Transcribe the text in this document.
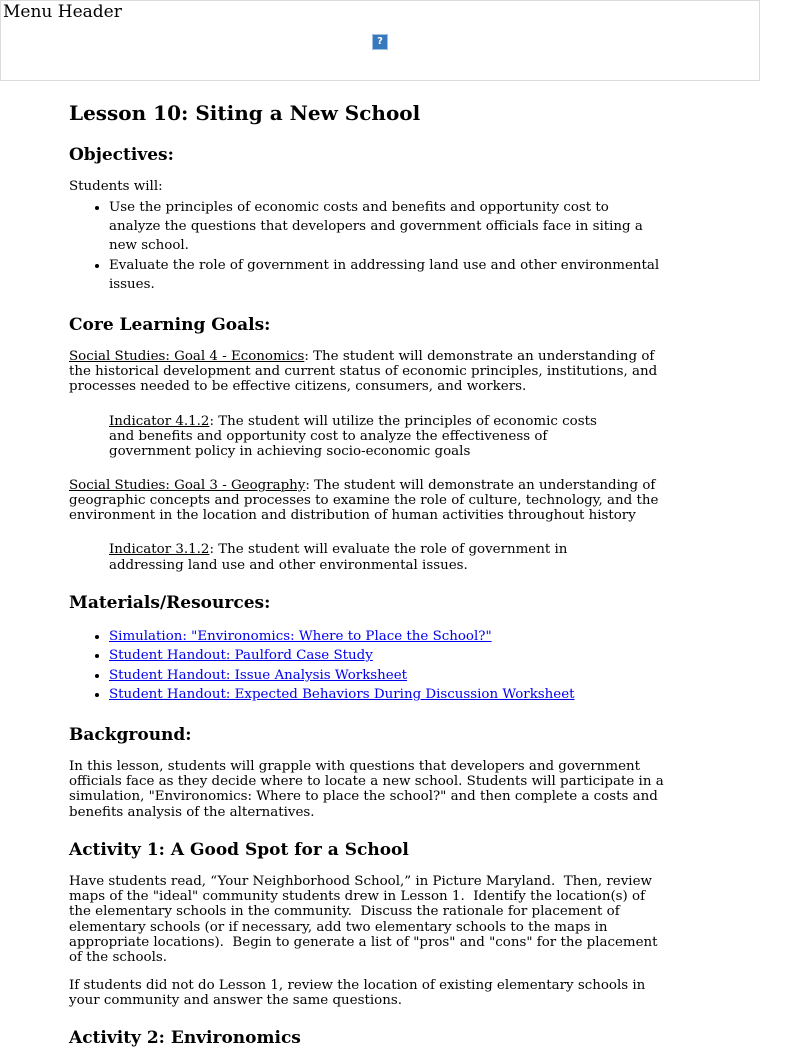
Menu Header
?
Lesson 10: Siting a New School
Objectives:

Students will:

• Use the principles of economic costs and benefits and opportunity cost to analyze the questions that developers and government officials face in siting a new school.
• Evaluate the role of government in addressing land use and other environmental issues.
Core Learning Goals:

Social Studies: Goal 4 - Economics: The student will demonstrate an understanding of the historical development and current status of economic principles, institutions, and processes needed to be effective citizens, consumers, and workers.

Indicator 4.1.2: The student will utilize the principles of economic costs and benefits and opportunity cost to analyze the effectiveness of government policy in achieving socio-economic goals

Social Studies: Goal 3 - Geography: The student will demonstrate an understanding of geographic concepts and processes to examine the role of culture, technology, and the environment in the location and distribution of human activities throughout history

Indicator 3.1.2: The student will evaluate the role of government in addressing land use and other environmental issues.

Materials/Resources:
• Simulation: "Environomics: Where to Place the School?"
• Student Handout: Paulford Case Study
• Student Handout: Issue Analysis Worksheet
• Student Handout: Expected Behaviors During Discussion Worksheet
Background:

In this lesson, students will grapple with questions that developers and government officials face as they decide where to locate a new school. Students will participate in a simulation, "Environomics: Where to place the school?" and then complete a costs and benefits analysis of the alternatives.

Activity 1: A Good Spot for a School

Have students read, “Your Neighborhood School,” in Picture Maryland.  Then, review maps of the "ideal" community students drew in Lesson 1.  Identify the location(s) of the elementary schools in the community.  Discuss the rationale for placement of elementary schools (or if necessary, add two elementary schools to the maps in appropriate locations).  Begin to generate a list of "pros" and "cons" for the placement of the schools.

If students did not do Lesson 1, review the location of existing elementary schools in your community and answer the same questions.

Activity 2: Environomics
